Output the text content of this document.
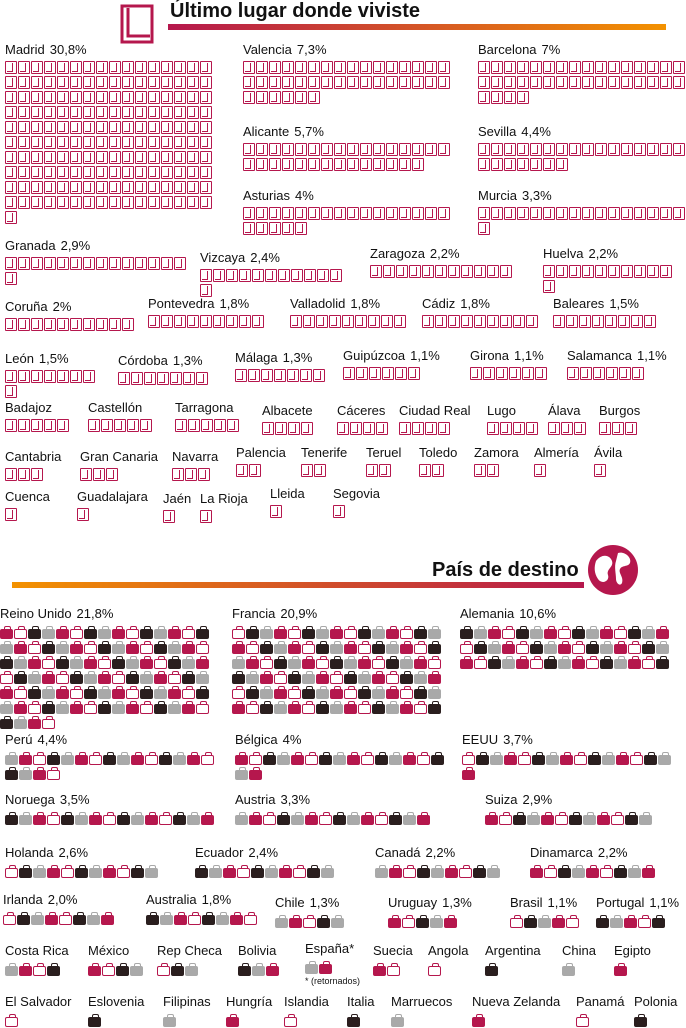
Último lugar donde viviste
Madrid 30,8%	Valencia 7,3%	Barcelona 7%
Alicante 5,7%	Sevilla 4,4%
Asturias 4%	Murcia 3,3%
Granada 2,9%
Vizcaya 2,4%	Zaragoza 2,2%	Huelva 2,2%
Coruña 2%	Pontevedra 1,8%	Valladolid 1,8%	Cádiz 1,8%	Baleares 1,5%
León 1,5%	Córdoba 1,3%	Málaga 1,3%	Guipúzcoa 1,1% Girona 1,1%	Salamanca 1,1%
Badajoz	Castellón	Tarragona	Albacete	Cáceres	Ciudad Real Lugo	Álava	Burgos
Cantabria	Gran Canaria Navarra	Palencia	Tenerife	Teruel	Toledo	Zamora	Almería	Ávila
Cuenca Guadalajara Jaén La Rioja Lleida	Segovia
País de destino
Reino Unido 21,8%	Francia 20,9%	Alemania 10,6%
Perú 4,4%	Bélgica 4%	EEUU 3,7%
Noruega 3,5%	Austria 3,3%	Suiza 2,9%
Holanda 2,6%	Ecuador 2,4%	Canadá 2,2%	Dinamarca 2,2%
Irlanda 2,0%	Australia 1,8%	Chile 1,3%	Uruguay 1,3%	Brasil 1,1%	Portugal 1,1%
Costa Rica	México	Rep Checa	Bolivia	España*
* (retornados)
Suecia	Angola	Argentina China	Egipto
El Salvador Eslovenia	Filipinas	Hungría Islandia	Italia	Marruecos	Nueva Zelanda Panamá Polonia
